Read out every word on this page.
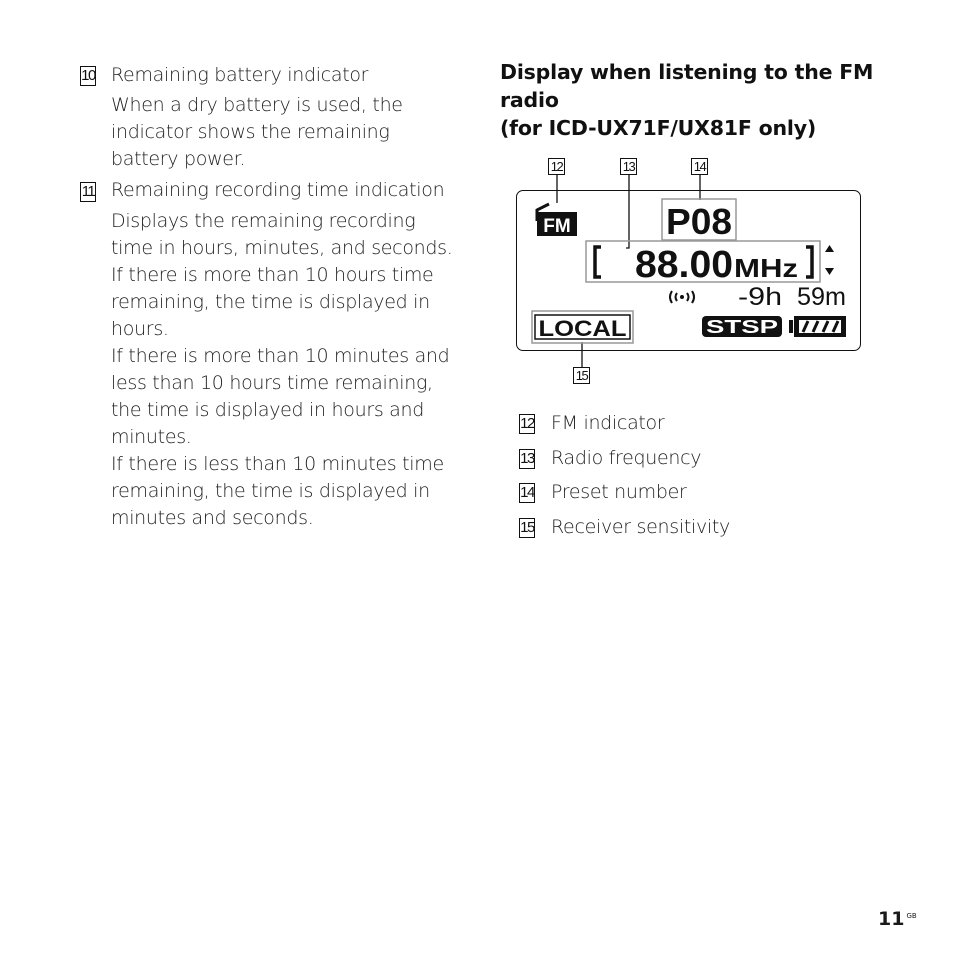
10 Remaining battery indicator
When a dry battery is used, the
indicator shows the remaining
battery power.
11 Remaining recording time indication
Displays the remaining recording
time in hours, minutes, and seconds.
If there is more than 10 hours time
remaining, the time is displayed in
hours.
If there is more than 10 minutes and
less than 10 hours time remaining,
the time is displayed in hours and
minutes.
If there is less than 10 minutes time
remaining, the time is displayed in
minutes and seconds.
Display when listening to the FM
radio
(for ICD-UX71F/UX81F only)
12	13	14
15
FM	P08
88.00 MHz
-9h 59m
LOCAL	STSP
12 FM indicator
13 Radio frequency
14 Preset number
15 Receiver sensitivity
11 $^{GB}$
